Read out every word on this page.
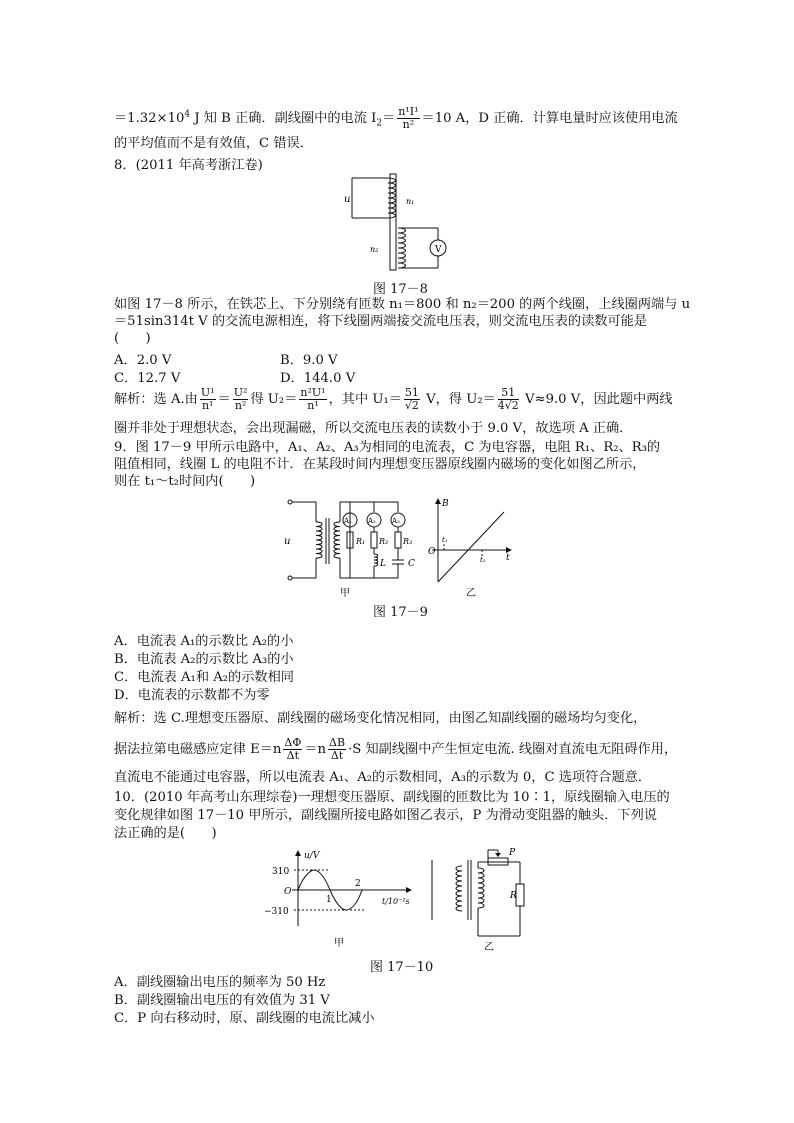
$=1.32\times 10^4$ J 知 B 正确．副线圈中的电流 $I_2= \frac{\text{n¹I¹}}{\text{n²}} =10$ A，D 正确．计算电量时应该使用电流
的平均值而不是有效值，C 错误．
8．(2011 年高考浙江卷)
u	n₁
n₂	V
图 17－8
如图 17－8 所示，在铁芯上、下分别绕有匝数 n₁＝800 和 n₂＝200 的两个线圈，上线圈两端与 u
＝51sin314t V 的交流电源相连，将下线圈两端接交流电压表，则交流电压表的读数可能是
(　　)
A．2.0 V	B．9.0 V
C．12.7 V	D．144.0 V
解析：选 A.由 $\frac{\text{U¹}}{\text{n¹}} = \frac{\text{U²}}{\text{n²}}$ 得 $U_2= \frac{\text{n²U¹}}{\text{n¹}}$ ，其中 $U_1= \frac{51}{√2}$ V，得 $U_2= \frac{51}{4√2} V\approx 9.0$ V，因此题中两线
圈并非处于理想状态，会出现漏磁，所以交流电压表的读数小于 9.0 V，故选项 A 正确．
9．图 17－9 甲所示电路中，A₁、A₂、A₃为相同的电流表，C 为电容器，电阻 R₁、R₂、R₃的
阻值相同，线圈 L 的电阻不计．在某段时间内理想变压器原线圈内磁场的变化如图乙所示，
则在 t₁～t₂时间内(　　)
u
A₁ A₂ A₃
R₁ R₂ R₃
L C
甲
B
O
t
t₁
t₂
乙
图 17－9
A．电流表 A₁的示数比 A₂的小
B．电流表 A₂的示数比 A₃的小
C．电流表 A₁和 A₂的示数相同
D．电流表的示数都不为零
解析：选 C.理想变压器原、副线圈的磁场变化情况相同，由图乙知副线圈的磁场均匀变化，
据法拉第电磁感应定律 $E=n \frac{\Delta\Phi}{\Delta t} =n \frac{\Delta B}{\Delta t} \cdot S$ 知副线圈中产生恒定电流. 线圈对直流电无阻碍作用，
直流电不能通过电容器，所以电流表 A₁、A₂的示数相同，A₃的示数为 0，C 选项符合题意．
10．(2010 年高考山东理综卷)一理想变压器原、副线圈的匝数比为 10∶1，原线圈输入电压的
变化规律如图 17－10 甲所示，副线圈所接电路如图乙表示，P 为滑动变阻器的触头．下列说
法正确的是(　　)
u/V
310
O
−310
1
2
t/10⁻²s
甲
P
R
乙
图 17－10
A．副线圈输出电压的频率为 50 Hz
B．副线圈输出电压的有效值为 31 V
C．P 向右移动时，原、副线圈的电流比减小
